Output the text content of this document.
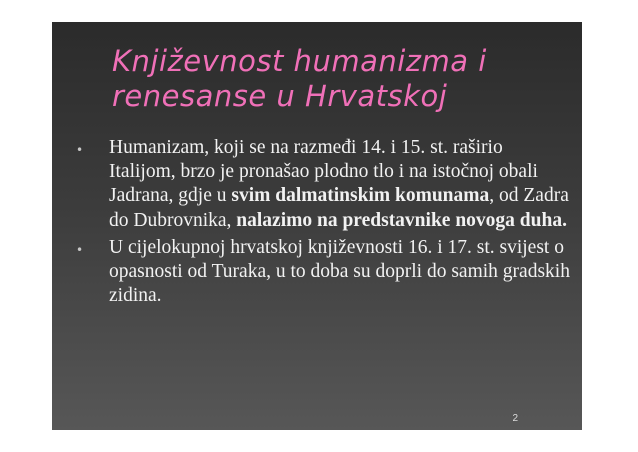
Književnost humanizma i renesanse u Hrvatskoj
• Humanizam, koji se na razmeđi 14. i 15. st. raširio Italijom, brzo je pronašao plodno tlo i na istočnoj obali Jadrana, gdje u svim dalmatinskim komunama, od Zadra do Dubrovnika, nalazimo na predstavnike novoga duha.
• U cijelokupnoj hrvatskoj književnosti 16. i 17. st. svijest o opasnosti od Turaka, u to doba su doprli do samih gradskih zidina.
2
